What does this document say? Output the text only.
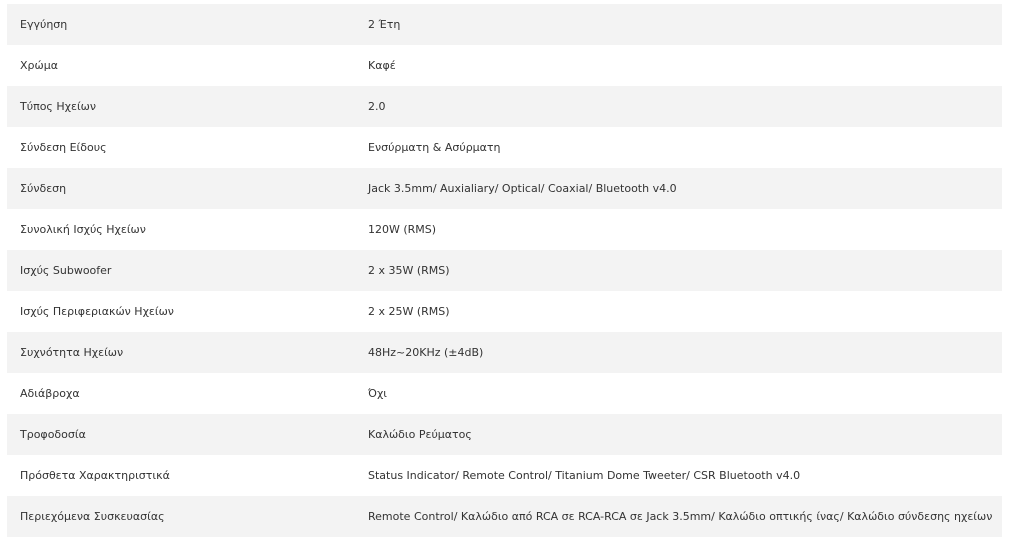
Εγγύηση	2 Έτη
Χρώμα	Καφέ
Τύπος Ηχείων	2.0
Σύνδεση Είδους	Ενσύρματη & Ασύρματη
Σύνδεση	Jack 3.5mm/ Auxialiary/ Optical/ Coaxial/ Bluetooth v4.0
Συνολική Ισχύς Ηχείων	120W (RMS)
Ισχύς Subwoofer	2 x 35W (RMS)
Ισχύς Περιφεριακών Ηχείων	2 x 25W (RMS)
Συχνότητα Ηχείων	48Hz~20KHz (±4dB)
Αδιάβροχα	Όχι
Τροφοδοσία	Καλώδιο Ρεύματος
Πρόσθετα Χαρακτηριστικά	Status Indicator/ Remote Control/ Titanium Dome Tweeter/ CSR Bluetooth v4.0
Περιεχόμενα Συσκευασίας	Remote Control/ Καλώδιο από RCA σε RCA-RCA σε Jack 3.5mm/ Καλώδιο οπτικής ίνας/ Καλώδιο σύνδεσης ηχείων
